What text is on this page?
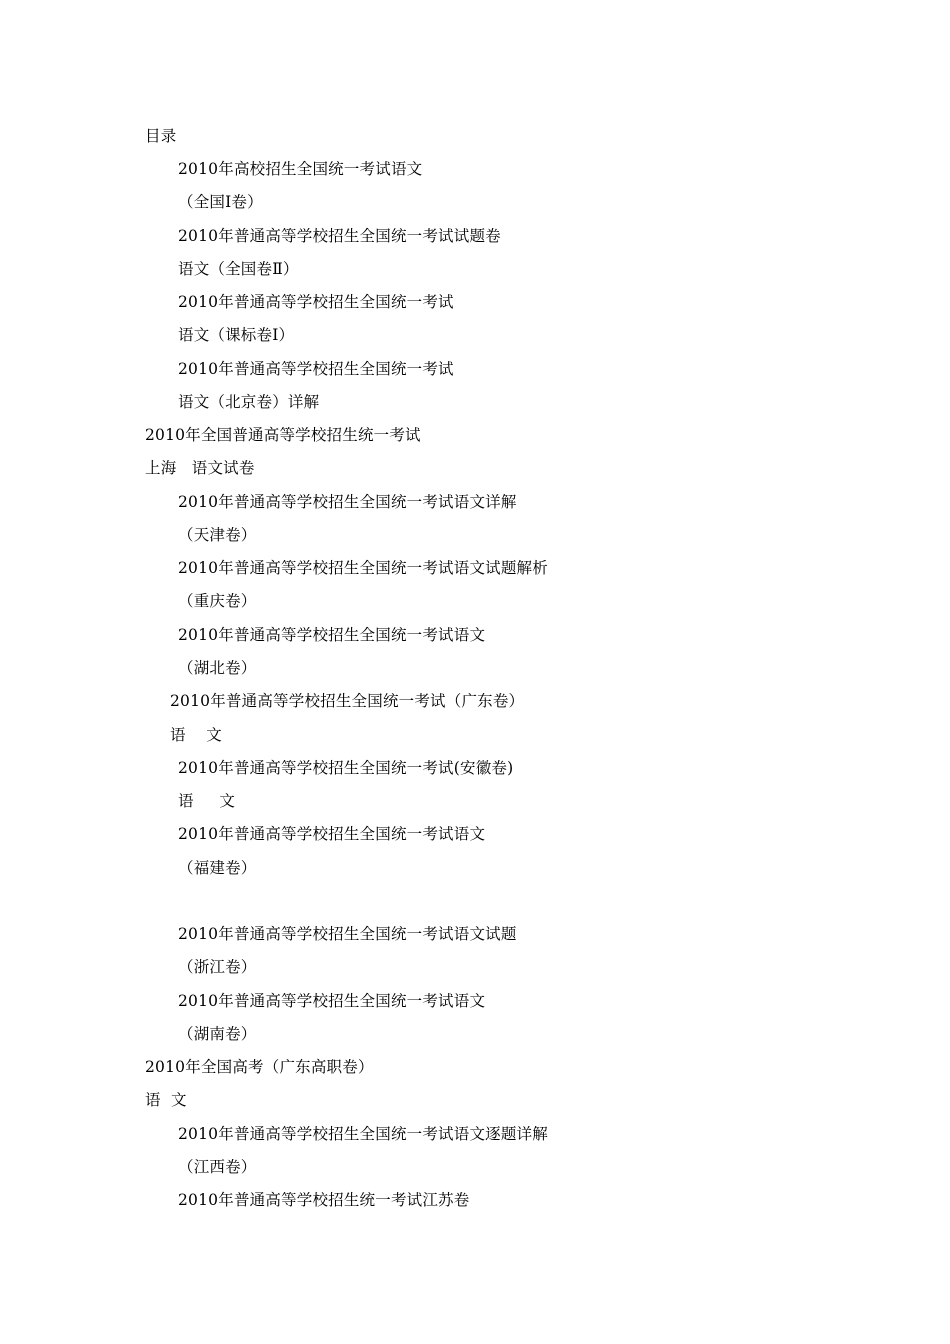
目录
2010年高校招生全国统一考试语文
（全国Ⅰ卷）
2010年普通高等学校招生全国统一考试试题卷
语文（全国卷Ⅱ）
2010年普通高等学校招生全国统一考试
语文（课标卷Ⅰ）
2010年普通高等学校招生全国统一考试
语文（北京卷）详解
2010年全国普通高等学校招生统一考试
上海   语文试卷
2010年普通高等学校招生全国统一考试语文详解
（天津卷）
2010年普通高等学校招生全国统一考试语文试题解析
（重庆卷）
2010年普通高等学校招生全国统一考试语文
（湖北卷）
2010年普通高等学校招生全国统一考试（广东卷）
语    文
2010年普通高等学校招生全国统一考试(安徽卷)
语     文
2010年普通高等学校招生全国统一考试语文
（福建卷）
2010年普通高等学校招生全国统一考试语文试题
（浙江卷）
2010年普通高等学校招生全国统一考试语文
（湖南卷）
2010年全国高考（广东高职卷）
语  文
2010年普通高等学校招生全国统一考试语文逐题详解
（江西卷）
2010年普通高等学校招生统一考试江苏卷
